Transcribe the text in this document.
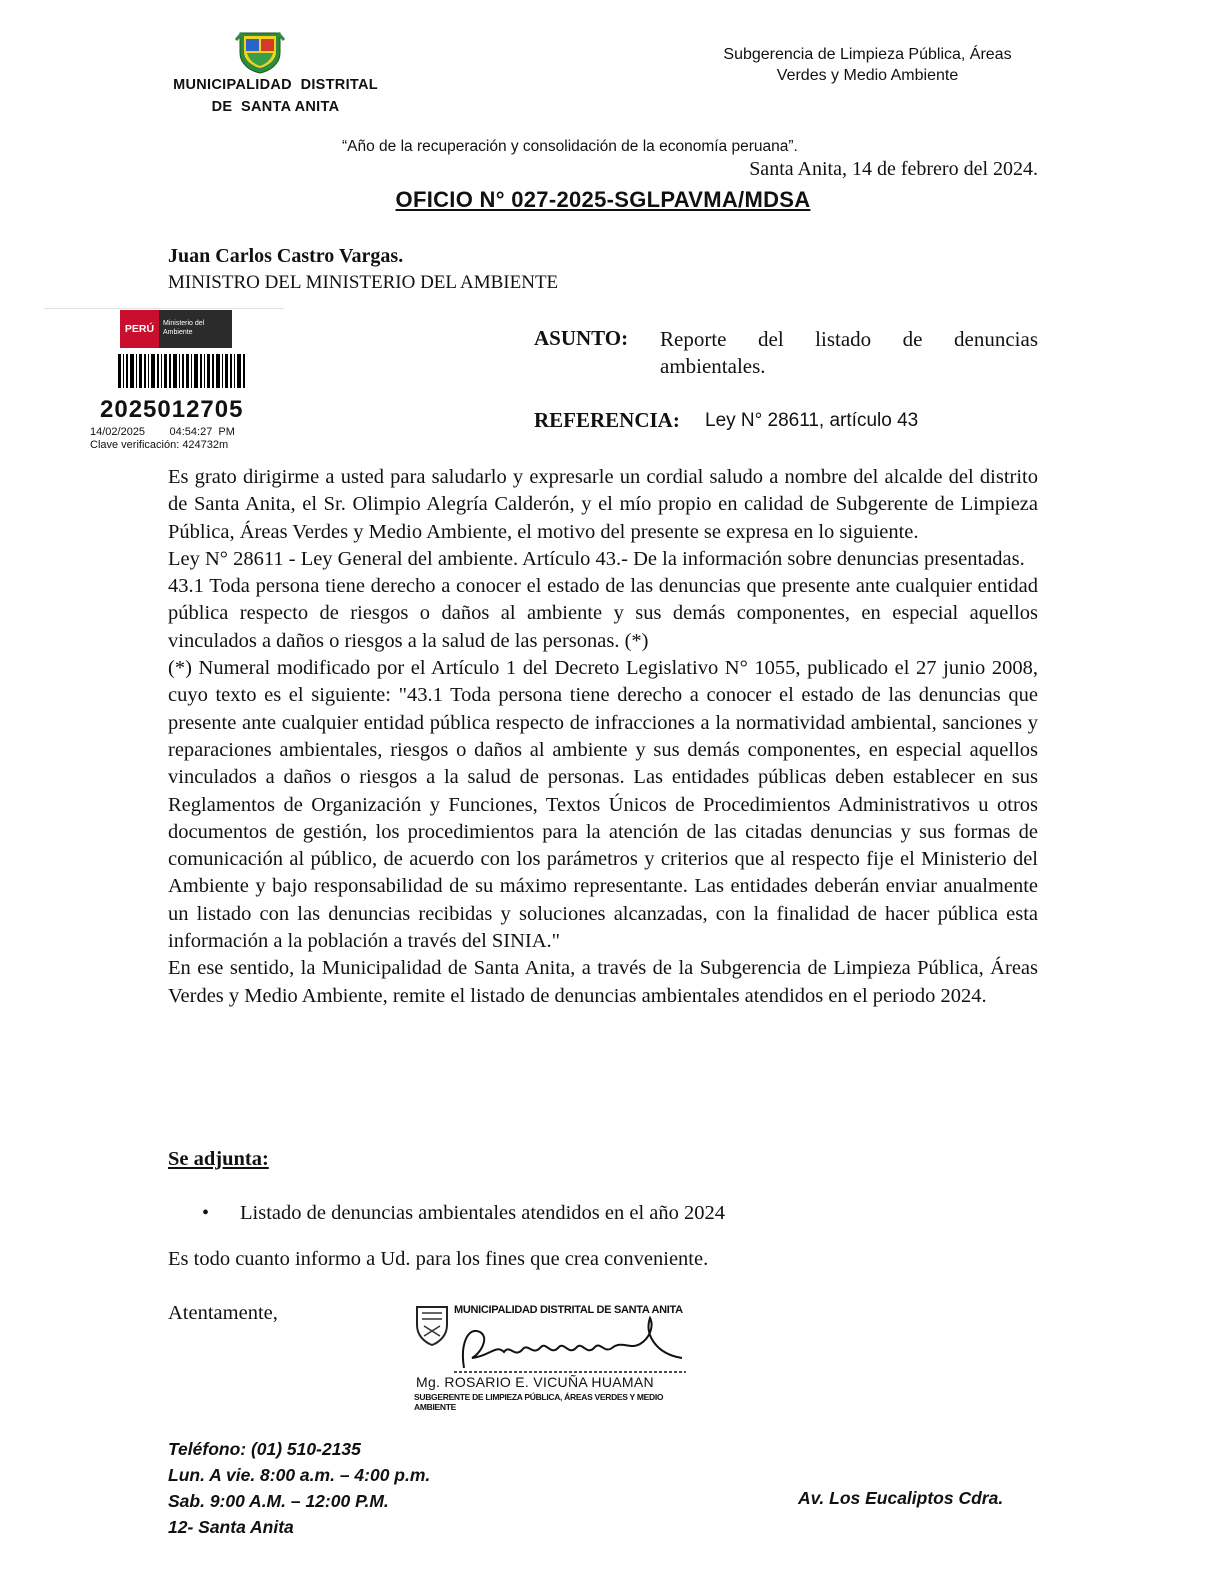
MUNICIPALIDAD  DISTRITAL
DE  SANTA ANITA
Subgerencia de Limpieza Pública, Áreas
Verdes y Medio Ambiente
“Año de la recuperación y consolidación de la economía peruana”.
Santa Anita, 14 de febrero del 2024.
OFICIO N° 027-2025-SGLPAVMA/MDSA
Juan Carlos Castro Vargas.
MINISTRO DEL MINISTERIO DEL AMBIENTE
PERÚ	Ministerio del Ambiente
2025012705
14/02/2025        04:54:27  PM
Clave verificación: 424732m
ASUNTO: Reporte del listado de denuncias
ambientales.
REFERENCIA: Ley N° 28611, artículo 43

Es grato dirigirme a usted para saludarlo y expresarle un cordial saludo a nombre del alcalde del distrito de Santa Anita, el Sr. Olimpio Alegría Calderón, y el mío propio en calidad de Subgerente de Limpieza Pública, Áreas Verdes y Medio Ambiente, el motivo del presente se expresa en lo siguiente.

Ley N° 28611 - Ley General del ambiente. Artículo 43.- De la información sobre denuncias presentadas.

43.1 Toda persona tiene derecho a conocer el estado de las denuncias que presente ante cualquier entidad pública respecto de riesgos o daños al ambiente y sus demás componentes, en especial aquellos vinculados a daños o riesgos a la salud de las personas. (*)

(*) Numeral modificado por el Artículo 1 del Decreto Legislativo N° 1055, publicado el 27 junio 2008, cuyo texto es el siguiente: "43.1 Toda persona tiene derecho a conocer el estado de las denuncias que presente ante cualquier entidad pública respecto de infracciones a la normatividad ambiental, sanciones y reparaciones ambientales, riesgos o daños al ambiente y sus demás componentes, en especial aquellos vinculados a daños o riesgos a la salud de personas. Las entidades públicas deben establecer en sus Reglamentos de Organización y Funciones, Textos Únicos de Procedimientos Administrativos u otros documentos de gestión, los procedimientos para la atención de las citadas denuncias y sus formas de comunicación al público, de acuerdo con los parámetros y criterios que al respecto fije el Ministerio del Ambiente y bajo responsabilidad de su máximo representante. Las entidades deberán enviar anualmente un listado con las denuncias recibidas y soluciones alcanzadas, con la finalidad de hacer pública esta información a la población a través del SINIA."

En ese sentido, la Municipalidad de Santa Anita, a través de la Subgerencia de Limpieza Pública, Áreas Verdes y Medio Ambiente, remite el listado de denuncias ambientales atendidos en el periodo 2024.

Se adjunta:
• Listado de denuncias ambientales atendidos en el año 2024
Es todo cuanto informo a Ud. para los fines que crea conveniente.
Atentamente,	MUNICIPALIDAD DISTRITAL DE SANTA ANITA
Mg. ROSARIO E. VICUÑA HUAMAN
SUBGERENTE DE LIMPIEZA PÚBLICA, ÁREAS VERDES Y MEDIO AMBIENTE
Teléfono: (01) 510-2135
Lun. A vie. 8:00 a.m. – 4:00 p.m.
Sab. 9:00 A.M. – 12:00 P.M.
12- Santa Anita
Av. Los Eucaliptos Cdra.
